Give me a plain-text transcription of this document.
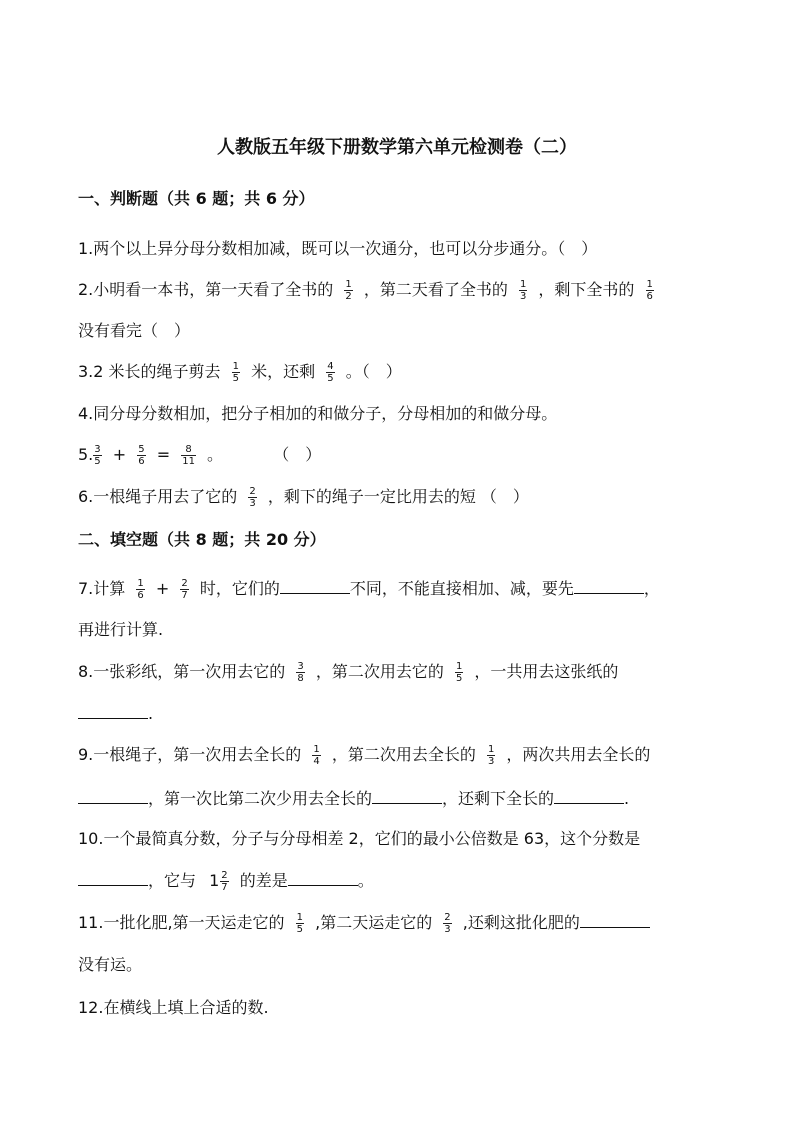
人教版五年级下册数学第六单元检测卷（二）
一、判断题（共 6 题；共 6 分）
1.两个以上异分母分数相加减，既可以一次通分，也可以分步通分。（　）
2.小明看一本书，第一天看了全书的 $\frac{1}{2}$ ，第二天看了全书的 $\frac{1}{3}$ ，剩下全书的 $\frac{1}{6}$
没有看完（　）
3.2 米长的绳子剪去 $\frac{1}{5}$ 米，还剩 $\frac{4}{5}$ 。（　）
4.同分母分数相加，把分子相加的和做分子，分母相加的和做分母。
5. $\frac{3}{5} + \frac{5}{6} = \frac{8}{11}$ 。	（　）
6.一根绳子用去了它的 $\frac{2}{3}$ ，剩下的绳子一定比用去的短 （　）
二、填空题（共 8 题；共 20 分）
7.计算 $\frac{1}{6} + \frac{2}{7}$ 时，它们的	不同，不能直接相加、减，要先	，
再进行计算.
8.一张彩纸，第一次用去它的 $\frac{3}{8}$ ，第二次用去它的 $\frac{1}{5}$ ，一共用去这张纸的
.
9.一根绳子，第一次用去全长的 $\frac{1}{4}$ ，第二次用去全长的 $\frac{1}{3}$ ，两次共用去全长的
，第一次比第二次少用去全长的	，还剩下全长的	.
10.一个最简真分数，分子与分母相差 2，它们的最小公倍数是 63，这个分数是
，它与 $1 \frac{2}{7}$ 的差是	。
11.一批化肥,第一天运走它的 $\frac{1}{5}$ ,第二天运走它的 $\frac{2}{3}$ ,还剩这批化肥的
没有运。
12.在横线上填上合适的数.
